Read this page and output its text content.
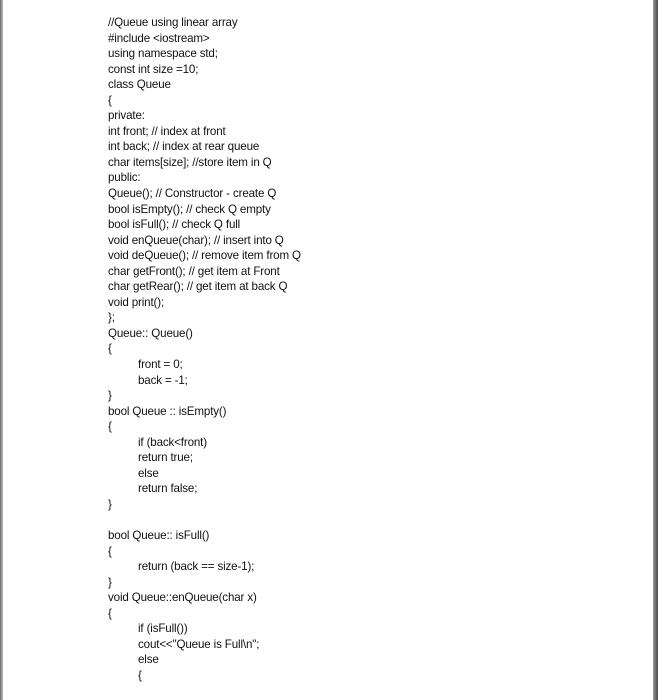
//Queue using linear array
#include <iostream>
using namespace std;
const int size =10;
class Queue
{
private:
int front; // index at front
int back; // index at rear queue
char items[size]; //store item in Q
public:
Queue(); // Constructor - create Q
bool isEmpty(); // check Q empty
bool isFull(); // check Q full
void enQueue(char); // insert into Q
void deQueue(); // remove item from Q
char getFront(); // get item at Front
char getRear(); // get item at back Q
void print();
};
Queue:: Queue()
{
front = 0;
back = -1;
}
bool Queue :: isEmpty()
{
if (back<front)
return true;
else
return false;
}
bool Queue:: isFull()
{
return (back == size-1);
}
void Queue::enQueue(char x)
{
if (isFull())
cout<<"Queue is Full\n";
else
{
